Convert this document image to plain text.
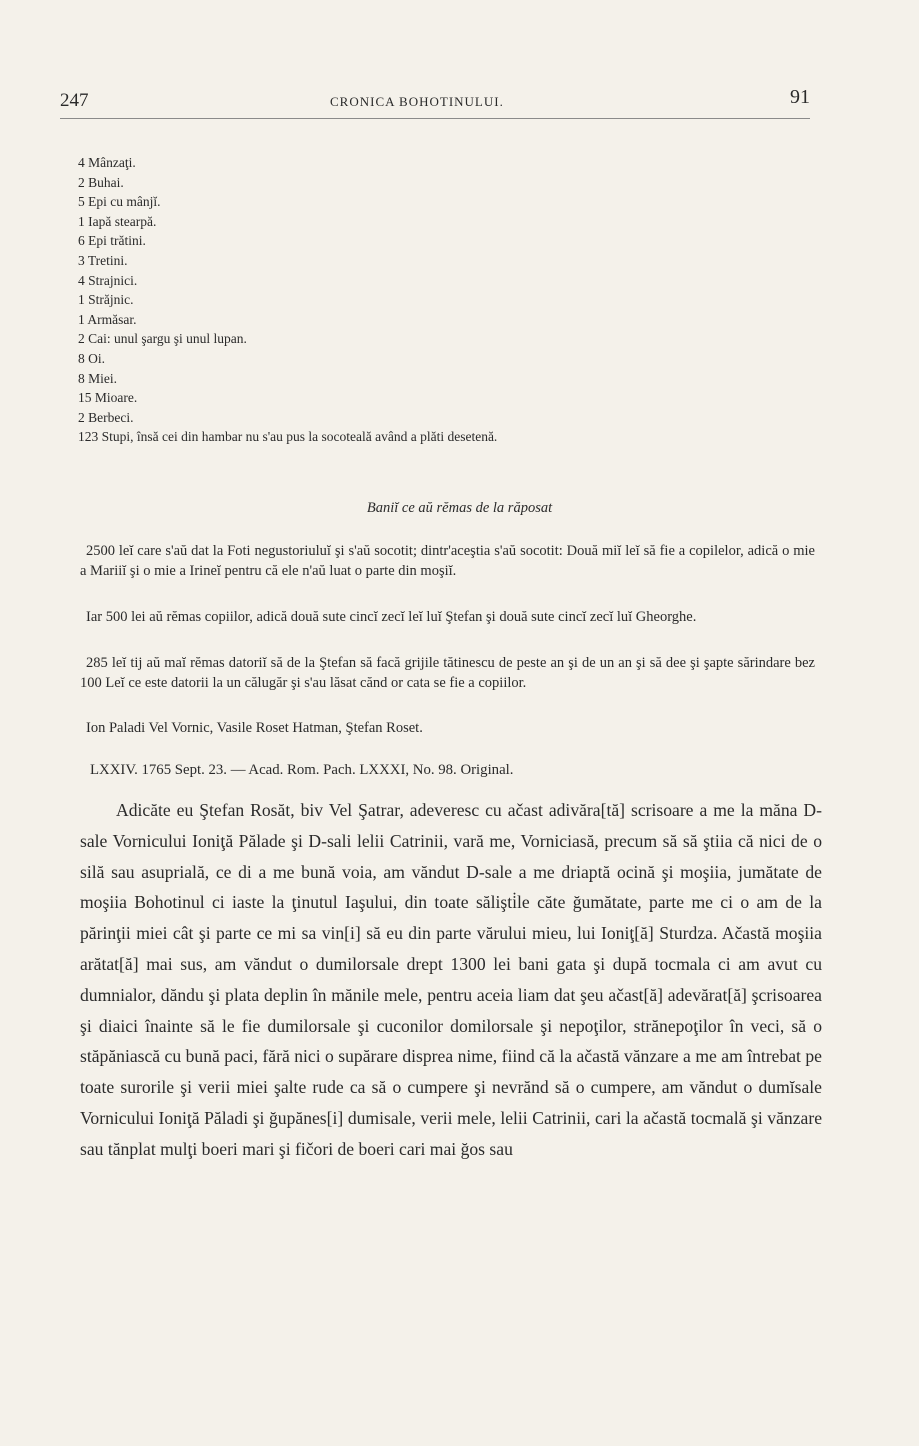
247	CRONICA BOHOTINULUI.	91
4 Mânzaţi.
2 Buhai.
5 Epi cu mânjĭ.
1 Iapă stearpă.
6 Epi trătini.
3 Tretini.
4 Strajnici.
1 Străjnic.
1 Armăsar.
2 Cai: unul şargu şi unul lupan.
8 Oi.
8 Miei.
15 Mioare.
2 Berbeci.
123 Stupi, însă cei din hambar nu s'au pus la socoteală având a plăti desetenă.
Baniĭ ce aŭ rĕmas de la răposat
2500 leĭ care s'aŭ dat la Foti negustoriuluĭ şi s'aŭ socotit; dintr'aceştia s'aŭ socotit: Două miĭ leĭ să fie a copilelor, adică o mie a Mariiĭ şi o mie a Irineĭ pentru că ele n'aŭ luat o parte din moşiĭ.
Iar 500 lei aŭ rĕmas copiilor, adică două sute cincĭ zecĭ leĭ luĭ Ştefan şi două sute cincĭ zecĭ luĭ Gheorghe.
285 leĭ tij aŭ maĭ rĕmas datoriĭ să de la Ştefan să facă grijile tătinescu de peste an şi de un an şi să dee şi şapte sărindare bez 100 Leĭ ce este datorii la un călugăr şi s'au lăsat cănd or cata se fie a copiilor.
Ion Paladi Vel Vornic, Vasile Roset Hatman, Ştefan Roset.
LXXIV. 1765 Sept. 23. — Acad. Rom. Pach. LXXXI, No. 98. Original.
Adicăte eu Ştefan Rosăt, biv Vel Şatrar, adeveresc cu ačast adivăra[tă] scrisoare a me la măna D-sale Vornicului Ioniţă Pălade şi D-sali lelii Catrinii, vară me, Vorniciasă, precum să să ştiia că nici de o silă sau asuprială, ce di a me bună voia, am văndut D-sale a me driaptă ocină şi moşiia, jumătate de moşiia Bohotinul ci iaste la ţinutul Iaşului, din toate sălişti̇le căte ğumătate, parte me ci o am de la părinţii miei cât şi parte ce mi sa vin[i] să eu din parte vărului mieu, lui Ioniţ[ă] Sturdza. Ačastă moşiia arătat[ă] mai sus, am văndut o dumilorsale drept 1300 lei bani gata şi după tocmala ci am avut cu dumnialor, dăndu şi plata deplin în mănile mele, pentru aceia liam dat şeu ačast[ă] adevărat[ă] şcrisoarea şi diaici înainte să le fie dumilorsale şi cuconilor domilorsale şi nepoţilor, strănepoţilor în veci, să o stăpăniască cu bună paci, fără nici o supărare disprea nime, fiind că la ačastă vănzare a me am întrebat pe toate surorile şi verii miei şalte rude ca să o cumpere şi nevrănd să o cumpere, am văndut o dumĭsale Vornicului Ioniţă Păladi şi ğupănes[i] dumisale, verii mele, lelii Catrinii, cari la ačastă tocmală şi vănzare sau tănplat mulţi boeri mari şi fičori de boeri cari mai ğos sau
